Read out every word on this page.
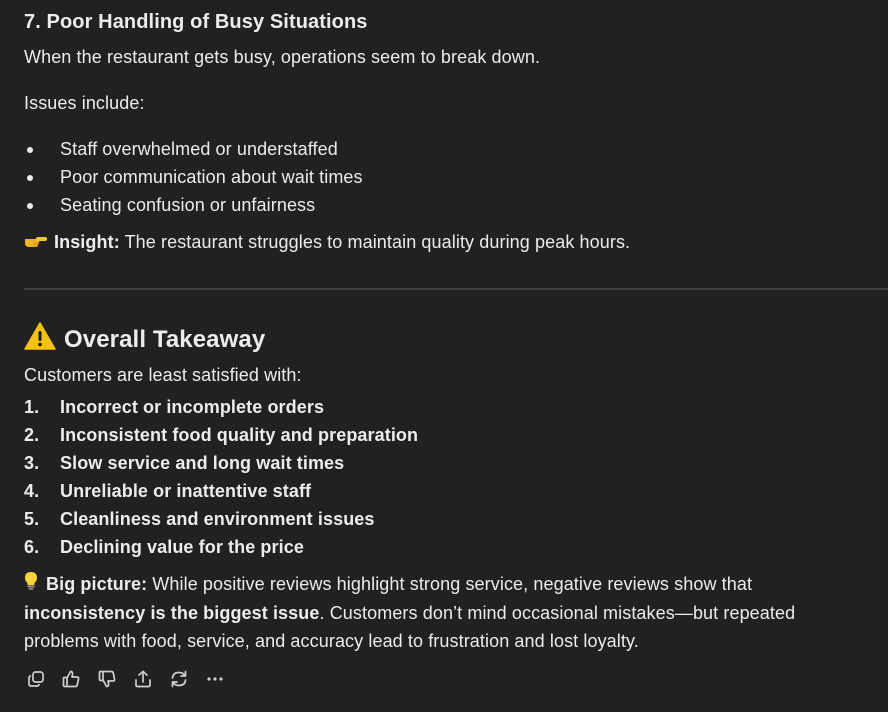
7. Poor Handling of Busy Situations
When the restaurant gets busy, operations seem to break down.
Issues include:
Staff overwhelmed or understaffed
Poor communication about wait times
Seating confusion or unfairness
Insight: The restaurant struggles to maintain quality during peak hours.
Overall Takeaway
Customers are least satisfied with:
1. Incorrect or incomplete orders
2. Inconsistent food quality and preparation
3. Slow service and long wait times
4. Unreliable or inattentive staff
5. Cleanliness and environment issues
6. Declining value for the price
Big picture: While positive reviews highlight strong service, negative reviews show that inconsistency is the biggest issue. Customers don’t mind occasional mistakes—but repeated problems with food, service, and accuracy lead to frustration and lost loyalty.
